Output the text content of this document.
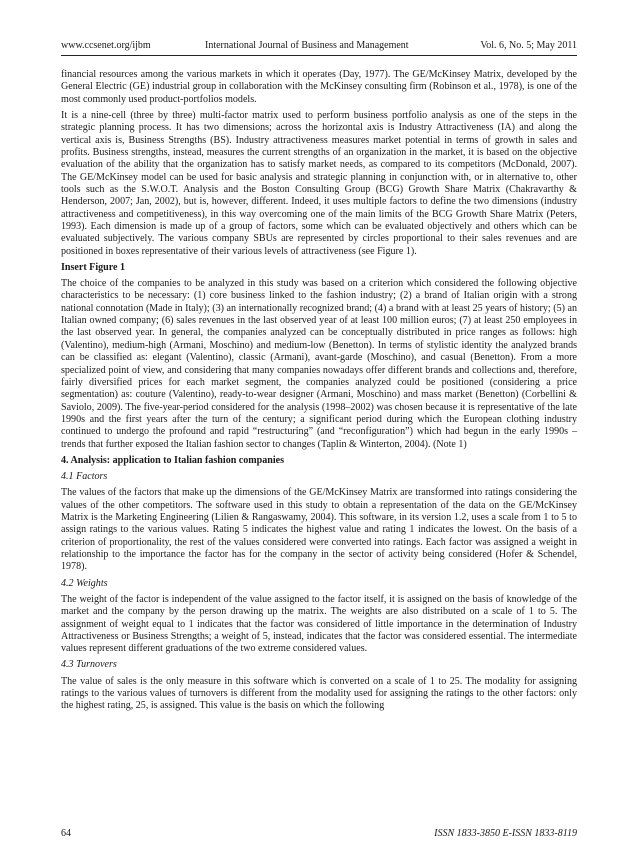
www.ccsenet.org/ijbm	International Journal of Business and Management	Vol. 6, No. 5; May 2011

financial resources among the various markets in which it operates (Day, 1977). The GE/McKinsey Matrix, developed by the General Electric (GE) industrial group in collaboration with the McKinsey consulting firm (Robinson et al., 1978), is one of the most commonly used product-portfolios models.

It is a nine-cell (three by three) multi-factor matrix used to perform business portfolio analysis as one of the steps in the strategic planning process. It has two dimensions; across the horizontal axis is Industry Attractiveness (IA) and along the vertical axis is, Business Strengths (BS). Industry attractiveness measures market potential in terms of growth in sales and profits. Business strengths, instead, measures the current strengths of an organization in the market, it is based on the objective evaluation of the ability that the organization has to satisfy market needs, as compared to its competitors (McDonald, 2007). The GE/McKinsey model can be used for basic analysis and strategic planning in conjunction with, or in alternative to, other tools such as the S.W.O.T. Analysis and the Boston Consulting Group (BCG) Growth Share Matrix (Chakravarthy & Henderson, 2007; Jan, 2002), but is, however, different. Indeed, it uses multiple factors to define the two dimensions (industry attractiveness and competitiveness), in this way overcoming one of the main limits of the BCG Growth Share Matrix (Peters, 1993). Each dimension is made up of a group of factors, some which can be evaluated objectively and others which can be evaluated subjectively. The various company SBUs are represented by circles proportional to their sales revenues and are positioned in boxes representative of their various levels of attractiveness (see Figure 1).

Insert Figure 1

The choice of the companies to be analyzed in this study was based on a criterion which considered the following objective characteristics to be necessary: (1) core business linked to the fashion industry; (2) a brand of Italian origin with a strong national connotation (Made in Italy); (3) an internationally recognized brand; (4) a brand with at least 25 years of history; (5) an Italian owned company; (6) sales revenues in the last observed year of at least 100 million euros; (7) at least 250 employees in the last observed year. In general, the companies analyzed can be conceptually distributed in price ranges as follows: high (Valentino), medium-high (Armani, Moschino) and medium-low (Benetton). In terms of stylistic identity the analyzed brands can be classified as: elegant (Valentino), classic (Armani), avant-garde (Moschino), and casual (Benetton). From a more specialized point of view, and considering that many companies nowadays offer different brands and collections and, therefore, fairly diversified prices for each market segment, the companies analyzed could be positioned (considering a price segmentation) as: couture (Valentino), ready-to-wear designer (Armani, Moschino) and mass market (Benetton) (Corbellini & Saviolo, 2009). The five-year-period considered for the analysis (1998–2002) was chosen because it is representative of the late 1990s and the first years after the turn of the century; a significant period during which the European clothing industry continued to undergo the profound and rapid “restructuring” (and “reconfiguration”) which had begun in the early 1990s – trends that further exposed the Italian fashion sector to changes (Taplin & Winterton, 2004). (Note 1)

4. Analysis: application to Italian fashion companies

4.1 Factors

The values of the factors that make up the dimensions of the GE/McKinsey Matrix are transformed into ratings considering the values of the other competitors. The software used in this study to obtain a representation of the data on the GE/McKinsey Matrix is the Marketing Engineering (Lilien & Rangaswamy, 2004). This software, in its version 1.2, uses a scale from 1 to 5 to assign ratings to the various values. Rating 5 indicates the highest value and rating 1 indicates the lowest. On the basis of a criterion of proportionality, the rest of the values considered were converted into ratings. Each factor was assigned a weight in relationship to the importance the factor has for the company in the sector of activity being considered (Hofer & Schendel, 1978).

4.2 Weights

The weight of the factor is independent of the value assigned to the factor itself, it is assigned on the basis of knowledge of the market and the company by the person drawing up the matrix. The weights are also distributed on a scale of 1 to 5. The assignment of weight equal to 1 indicates that the factor was considered of little importance in the determination of Industry Attractiveness or Business Strengths; a weight of 5, instead, indicates that the factor was considered essential. The intermediate values represent different graduations of the two extreme considered values.

4.3 Turnovers

The value of sales is the only measure in this software which is converted on a scale of 1 to 25. The modality for assigning ratings to the various values of turnovers is different from the modality used for assigning the ratings to the other factors: only the highest rating, 25, is assigned. This value is the basis on which the following

64	ISSN 1833-3850 E-ISSN 1833-8119
